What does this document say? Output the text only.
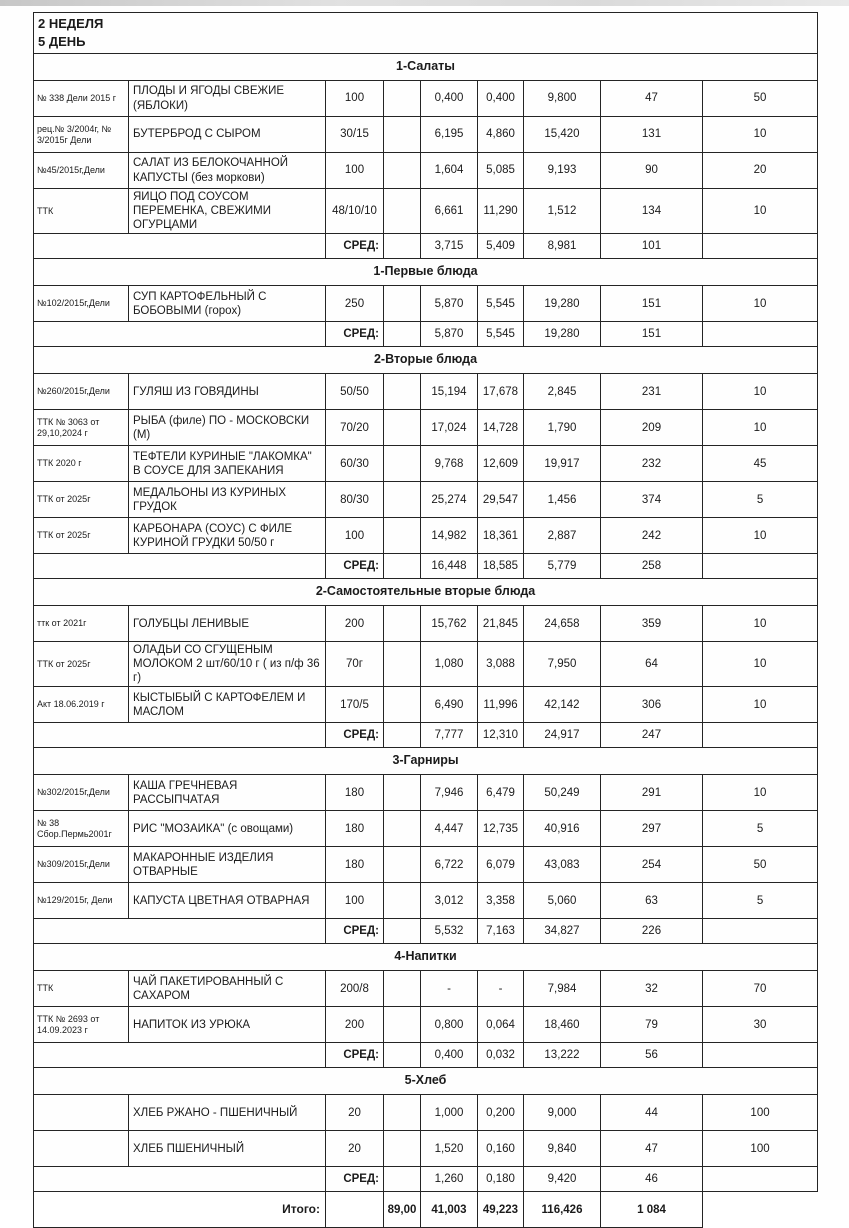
2 НЕДЕЛЯ
5 ДЕНЬ								

1-Салаты								
№ 338 Дели 2015 г	ПЛОДЫ И ЯГОДЫ СВЕЖИЕ (ЯБЛОКИ)	100		0,400	0,400	9,800	47	50
рец.№ 3/2004г, № 3/2015г Дели	БУТЕРБРОД С СЫРОМ	30/15		6,195	4,860	15,420	131	10
№45/2015г,Дели	САЛАТ ИЗ БЕЛОКОЧАННОЙ КАПУСТЫ (без моркови)	100		1,604	5,085	9,193	90	20
ТТК	ЯИЦО ПОД СОУСОМ ПЕРЕМЕНКА, СВЕЖИМИ ОГУРЦАМИ	48/10/10		6,661	11,290	1,512	134	10
		СРЕД:		3,715	5,409	8,981	101	
1-Первые блюда								
№102/2015г,Дели	СУП КАРТОФЕЛЬНЫЙ С БОБОВЫМИ (горох)	250		5,870	5,545	19,280	151	10
		СРЕД:		5,870	5,545	19,280	151	
2-Вторые блюда								
№260/2015г,Дели	ГУЛЯШ ИЗ ГОВЯДИНЫ	50/50		15,194	17,678	2,845	231	10
ТТК № 3063 от 29,10,2024 г	РЫБА (филе) ПО - МОСКОВСКИ (М)	70/20		17,024	14,728	1,790	209	10
ТТК 2020 г	ТЕФТЕЛИ КУРИНЫЕ "ЛАКОМКА" В СОУСЕ ДЛЯ ЗАПЕКАНИЯ	60/30		9,768	12,609	19,917	232	45
ТТК от 2025г	МЕДАЛЬОНЫ ИЗ КУРИНЫХ ГРУДОК	80/30		25,274	29,547	1,456	374	5
ТТК от 2025г	КАРБОНАРА (СОУС) С ФИЛЕ КУРИНОЙ ГРУДКИ 50/50 г	100		14,982	18,361	2,887	242	10
		СРЕД:		16,448	18,585	5,779	258	
2-Самостоятельные вторые блюда								
ттк от 2021г	ГОЛУБЦЫ ЛЕНИВЫЕ	200		15,762	21,845	24,658	359	10
ТТК от 2025г	ОЛАДЬИ СО СГУЩЕНЫМ МОЛОКОМ 2 шт/60/10 г ( из п/ф 36 г)	70г		1,080	3,088	7,950	64	10
Акт 18.06.2019 г	КЫСТЫБЫЙ С КАРТОФЕЛЕМ И МАСЛОМ	170/5		6,490	11,996	42,142	306	10
		СРЕД:		7,777	12,310	24,917	247	
3-Гарниры								
№302/2015г,Дели	КАША ГРЕЧНЕВАЯ РАССЫПЧАТАЯ	180		7,946	6,479	50,249	291	10
№ 38 Сбор.Пермь2001г	РИС "МОЗАИКА" (с овощами)	180		4,447	12,735	40,916	297	5
№309/2015г,Дели	МАКАРОННЫЕ ИЗДЕЛИЯ ОТВАРНЫЕ	180		6,722	6,079	43,083	254	50
№129/2015г, Дели	КАПУСТА ЦВЕТНАЯ ОТВАРНАЯ	100		3,012	3,358	5,060	63	5
		СРЕД:		5,532	7,163	34,827	226	
4-Напитки								
ТТК	ЧАЙ ПАКЕТИРОВАННЫЙ С САХАРОМ	200/8		-	-	7,984	32	70
ТТК № 2693 от 14.09.2023 г	НАПИТОК ИЗ УРЮКА	200		0,800	0,064	18,460	79	30
		СРЕД:		0,400	0,032	13,222	56	
5-Хлеб								
	ХЛЕБ РЖАНО - ПШЕНИЧНЫЙ	20		1,000	0,200	9,000	44	100
	ХЛЕБ ПШЕНИЧНЫЙ	20		1,520	0,160	9,840	47	100
		СРЕД:		1,260	0,180	9,420	46	
Итого:			89,00	41,003	49,223	116,426	1 084	
